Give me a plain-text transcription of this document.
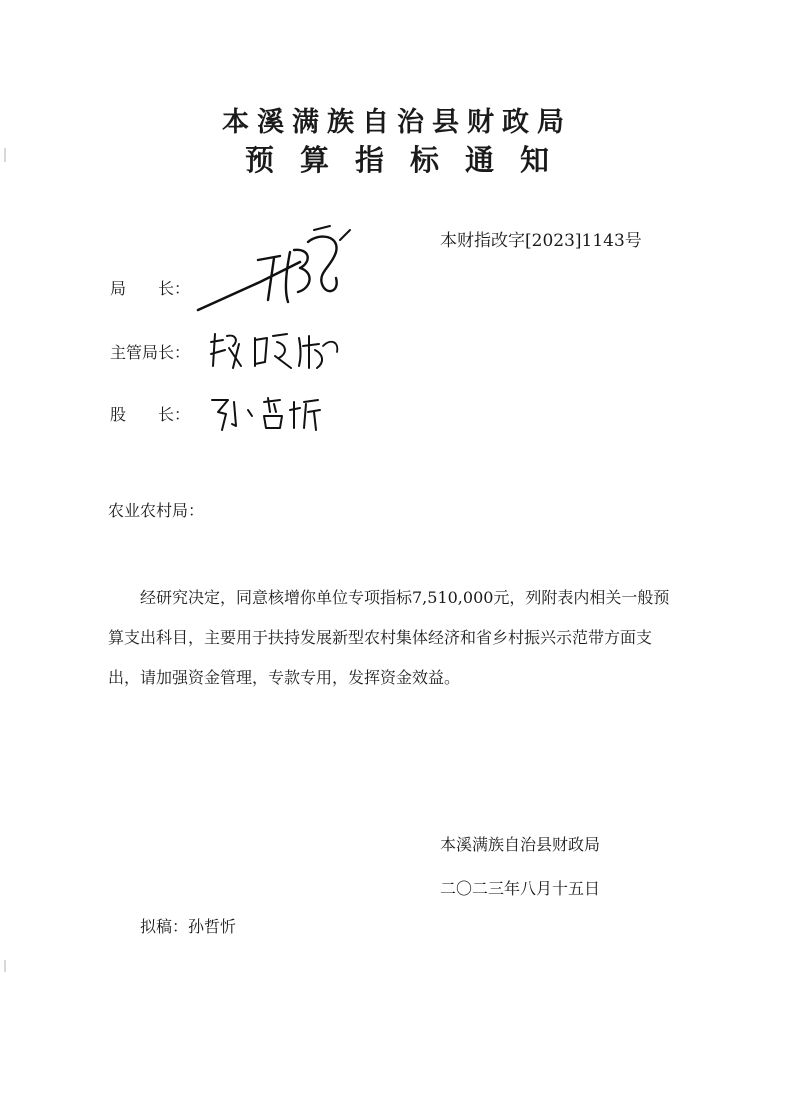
本溪满族自治县财政局
预算指标通知
本财指改字[2023]1143号
局　　长：
主管局长：
股　　长：
农业农村局：
经研究决定，同意核增你单位专项指标7,510,000元，列附表内相关一般预算支出科目，主要用于扶持发展新型农村集体经济和省乡村振兴示范带方面支出，请加强资金管理，专款专用，发挥资金效益。
本溪满族自治县财政局
二〇二三年八月十五日
拟稿：孙哲忻
